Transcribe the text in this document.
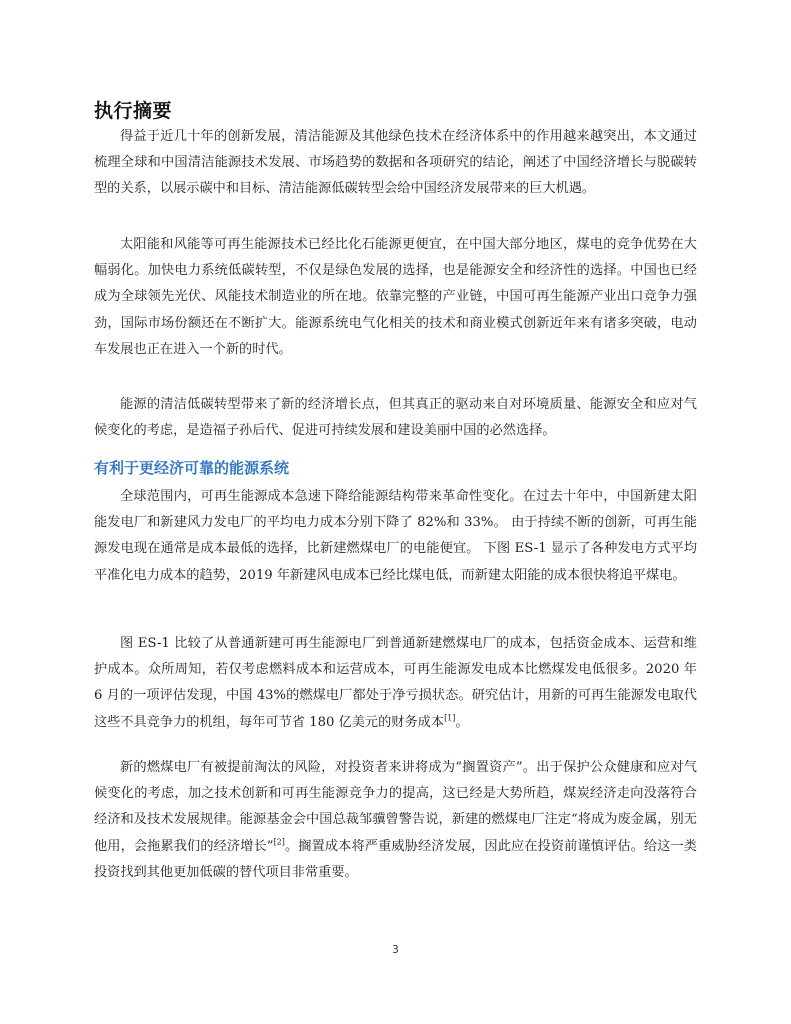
执行摘要

得益于近几十年的创新发展，清洁能源及其他绿色技术在经济体系中的作用越来越突出，本文通过梳理全球和中国清洁能源技术发展、市场趋势的数据和各项研究的结论，阐述了中国经济增长与脱碳转型的关系，以展示碳中和目标、清洁能源低碳转型会给中国经济发展带来的巨大机遇。

太阳能和风能等可再生能源技术已经比化石能源更便宜，在中国大部分地区，煤电的竞争优势在大幅弱化。加快电力系统低碳转型，不仅是绿色发展的选择，也是能源安全和经济性的选择。中国也已经成为全球领先光伏、风能技术制造业的所在地。依靠完整的产业链，中国可再生能源产业出口竞争力强劲，国际市场份额还在不断扩大。能源系统电气化相关的技术和商业模式创新近年来有诸多突破，电动车发展也正在进入一个新的时代。

能源的清洁低碳转型带来了新的经济增长点，但其真正的驱动来自对环境质量、能源安全和应对气候变化的考虑，是造福子孙后代、促进可持续发展和建设美丽中国的必然选择。

有利于更经济可靠的能源系统

全球范围内，可再生能源成本急速下降给能源结构带来革命性变化。在过去十年中，中国新建太阳能发电厂和新建风力发电厂的平均电力成本分别下降了 82%和 33%。 由于持续不断的创新，可再生能源发电现在通常是成本最低的选择，比新建燃煤电厂的电能便宜。 下图 ES-1 显示了各种发电方式平均平准化电力成本的趋势，2019 年新建风电成本已经比煤电低，而新建太阳能的成本很快将追平煤电。

图 ES-1 比较了从普通新建可再生能源电厂到普通新建燃煤电厂的成本，包括资金成本、运营和维护成本。众所周知，若仅考虑燃料成本和运营成本，可再生能源发电成本比燃煤发电低很多。2020 年 6 月的一项评估发现，中国 43%的燃煤电厂都处于净亏损状态。研究估计，用新的可再生能源发电取代这些不具竞争力的机组，每年可节省 180 亿美元的财务成本[1]。

新的燃煤电厂有被提前淘汰的风险，对投资者来讲将成为“搁置资产”。出于保护公众健康和应对气候变化的考虑，加之技术创新和可再生能源竞争力的提高，这已经是大势所趋，煤炭经济走向没落符合经济和及技术发展规律。能源基金会中国总裁邹骥曾警告说，新建的燃煤电厂注定“将成为废金属，别无他用，会拖累我们的经济增长”[2]。搁置成本将严重威胁经济发展，因此应在投资前谨慎评估。给这一类投资找到其他更加低碳的替代项目非常重要。

3
